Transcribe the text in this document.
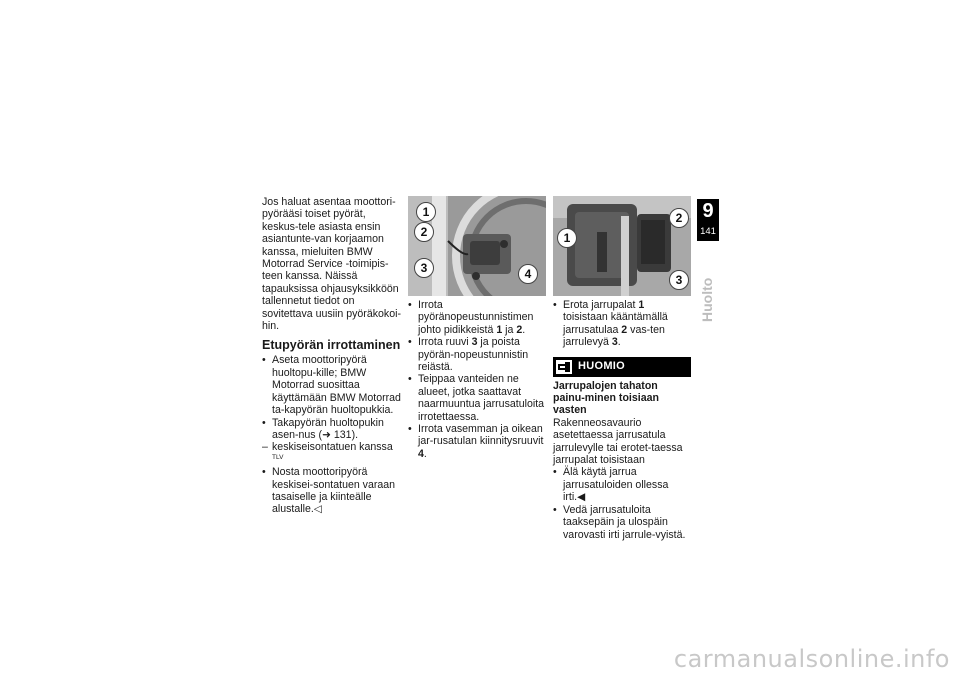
Jos haluat asentaa moottori-pyörääsi toiset pyörät, keskus-tele asiasta ensin asiantunte-van korjaamon kanssa, mieluiten BMW Motorrad Service -toimipis-teen kanssa. Näissä tapauksissa ohjausyksikköön tallennetut tiedot on sovitettava uusiin pyöräkokoi-hin.

Etupyörän irrottaminen
• Aseta moottoripyörä huoltopu-kille; BMW Motorrad suosittaa käyttämään BMW Motorrad ta-kapyörän huoltopukkia.
• Takapyörän huoltopukin asen-nus (➜ 131).
– keskiseisontatuen kanssa $^{TLV}$
• Nosta moottoripyörä keskisei-sontatuen varaan tasaiselle ja kiinteälle alustalle.◁
1
2
3	4
• Irrota pyöränopeustunnistimen johto pidikkeistä 1 ja 2.
• Irrota ruuvi 3 ja poista pyörän-nopeustunnistin reiästä.
• Teippaa vanteiden ne alueet, jotka saattavat naarmuuntua jarrusatuloita irrotettaessa.
• Irrota vasemman ja oikean jar-rusatulan kiinnitysruuvit 4.
2
1
3
• Erota jarrupalat 1 toisistaan kääntämällä jarrusatulaa 2 vas-ten jarrulevyä 3.
HUOMIO

Jarrupalojen tahaton painu-minen toisiaan vasten

Rakenneosavaurio asetettaessa jarrusatula jarrulevylle tai erotet-taessa jarrupalat toisistaan

• Älä käytä jarrua jarrusatuloiden ollessa irti.◀
• Vedä jarrusatuloita taaksepäin ja ulospäin varovasti irti jarrule-vyistä.
9
141
Huolto
carmanualsonline.info
